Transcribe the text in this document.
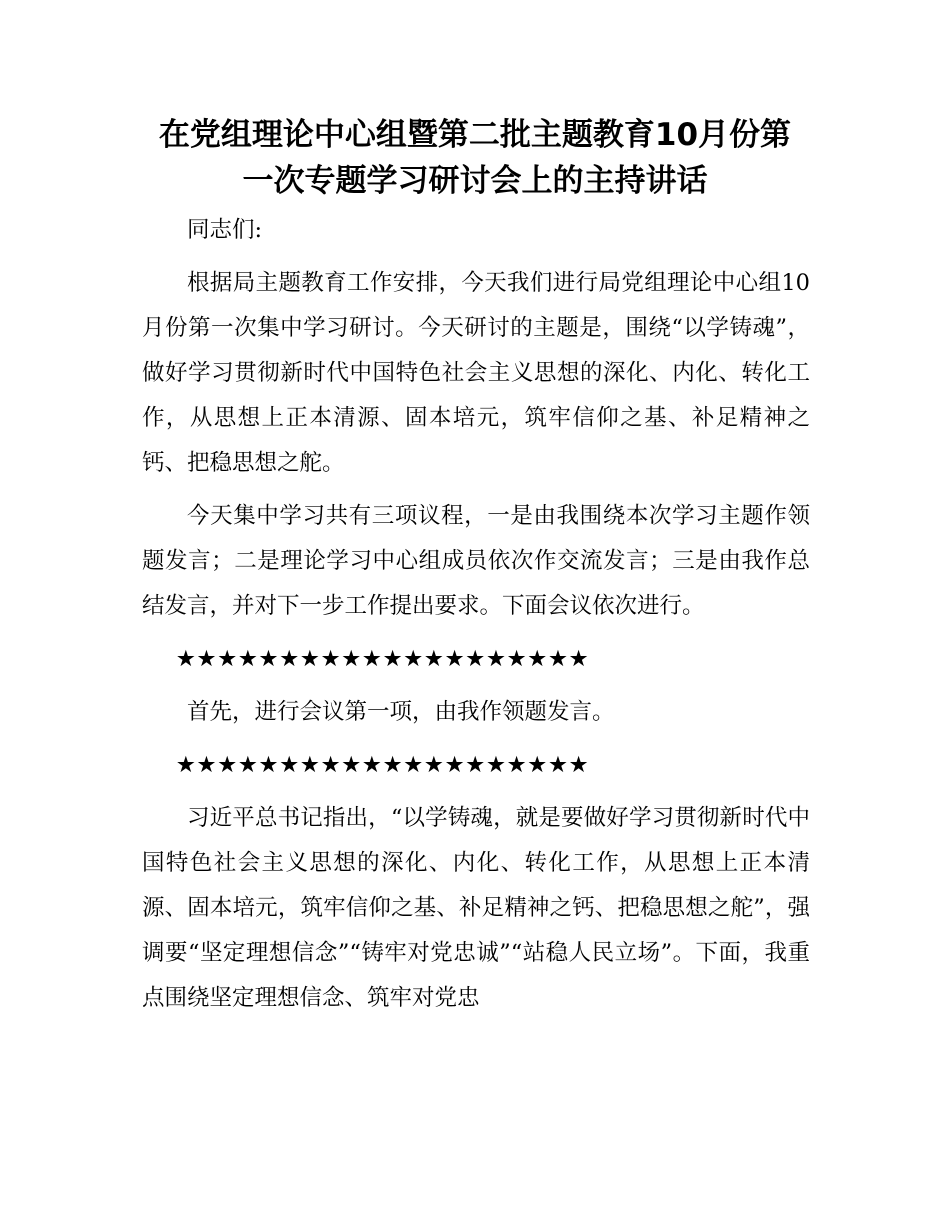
在党组理论中心组暨第二批主题教育10月份第
一次专题学习研讨会上的主持讲话

同志们:

根据局主题教育工作安排，今天我们进行局党组理论中心组10月份第一次集中学习研讨。今天研讨的主题是，围绕“以学铸魂”，做好学习贯彻新时代中国特色社会主义思想的深化、内化、转化工作，从思想上正本清源、固本培元，筑牢信仰之基、补足精神之钙、把稳思想之舵。

今天集中学习共有三项议程，一是由我围绕本次学习主题作领题发言；二是理论学习中心组成员依次作交流发言；三是由我作总结发言，并对下一步工作提出要求。下面会议依次进行。

★★★★★★★★★★★★★★★★★★★★

首先，进行会议第一项，由我作领题发言。

★★★★★★★★★★★★★★★★★★★★

习近平总书记指出，“以学铸魂，就是要做好学习贯彻新时代中国特色社会主义思想的深化、内化、转化工作，从思想上正本清源、固本培元，筑牢信仰之基、补足精神之钙、把稳思想之舵”，强调要“坚定理想信念”“铸牢对党忠诚”“站稳人民立场”。下面，我重点围绕坚定理想信念、筑牢对党忠
